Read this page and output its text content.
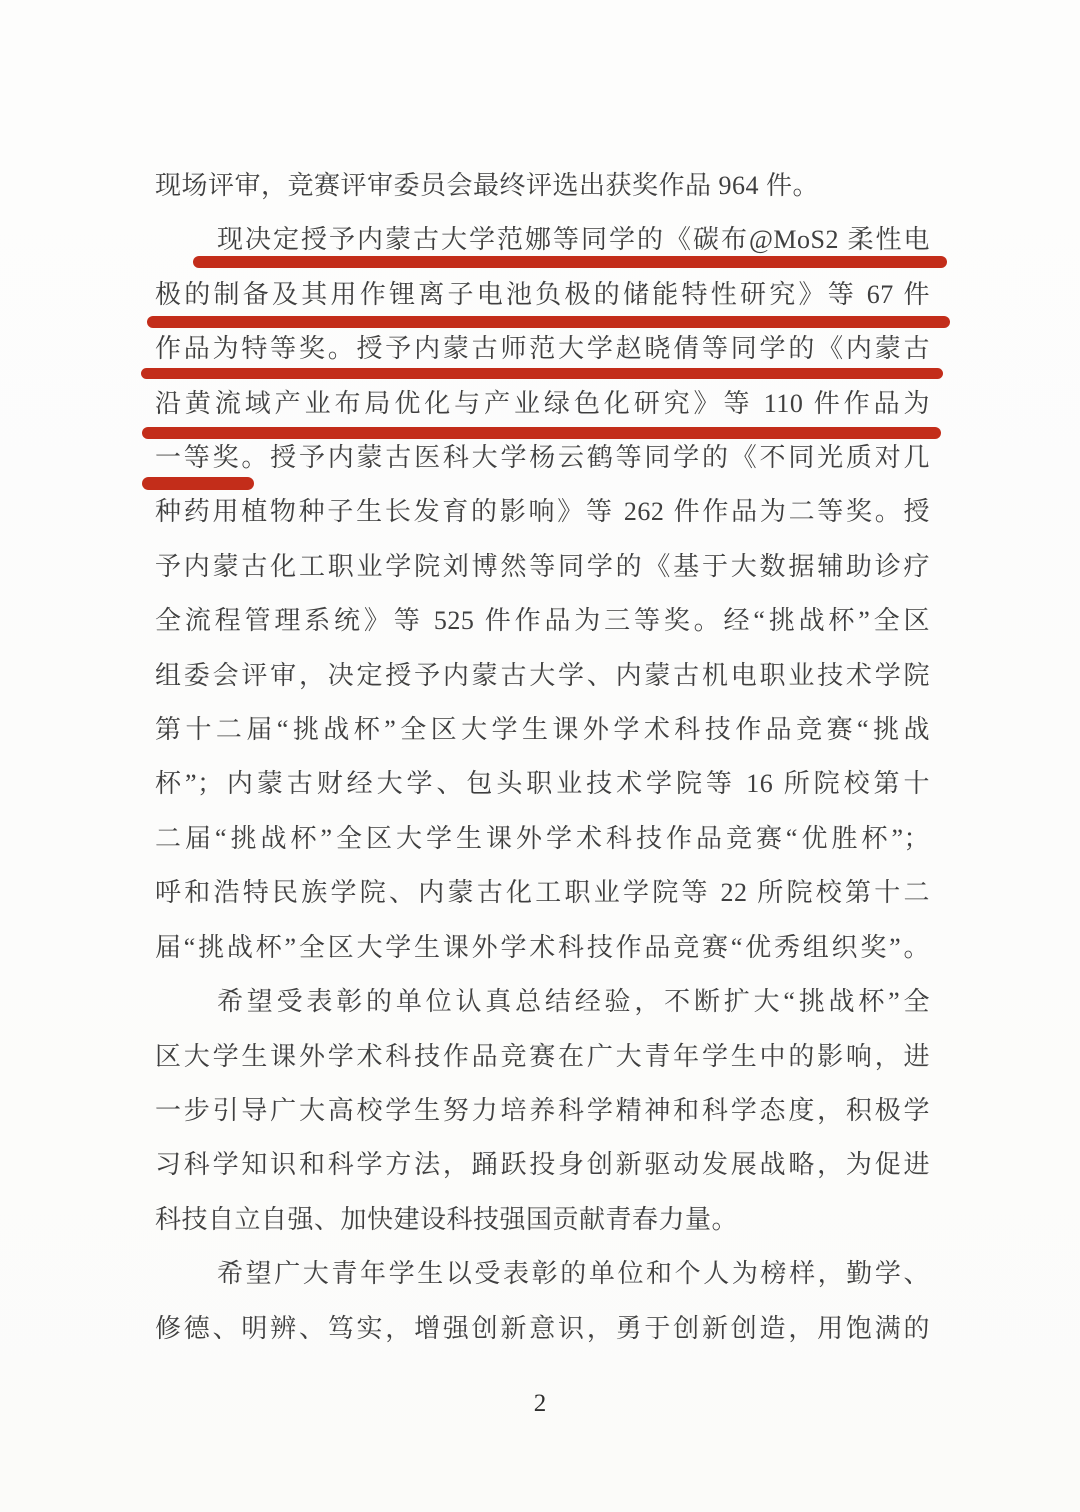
现场评审，竞赛评审委员会最终评选出获奖作品 964 件。
现决定授予内蒙古大学范娜等同学的《碳布@MoS2 柔性电
极的制备及其用作锂离子电池负极的储能特性研究》等 67 件
作品为特等奖。授予内蒙古师范大学赵晓倩等同学的《内蒙古
沿黄流域产业布局优化与产业绿色化研究》等 110 件作品为
一等奖。授予内蒙古医科大学杨云鹤等同学的《不同光质对几
种药用植物种子生长发育的影响》等 262 件作品为二等奖。授
予内蒙古化工职业学院刘博然等同学的《基于大数据辅助诊疗
全流程管理系统》等 525 件作品为三等奖。经“挑战杯”全区
组委会评审，决定授予内蒙古大学、内蒙古机电职业技术学院
第十二届“挑战杯”全区大学生课外学术科技作品竞赛“挑战
杯”；内蒙古财经大学、包头职业技术学院等 16 所院校第十
二届“挑战杯”全区大学生课外学术科技作品竞赛“优胜杯”；
呼和浩特民族学院、内蒙古化工职业学院等 22 所院校第十二
届“挑战杯”全区大学生课外学术科技作品竞赛“优秀组织奖”。
希望受表彰的单位认真总结经验，不断扩大“挑战杯”全
区大学生课外学术科技作品竞赛在广大青年学生中的影响，进
一步引导广大高校学生努力培养科学精神和科学态度，积极学
习科学知识和科学方法，踊跃投身创新驱动发展战略，为促进
科技自立自强、加快建设科技强国贡献青春力量。
希望广大青年学生以受表彰的单位和个人为榜样，勤学、
修德、明辨、笃实，增强创新意识，勇于创新创造，用饱满的
2
